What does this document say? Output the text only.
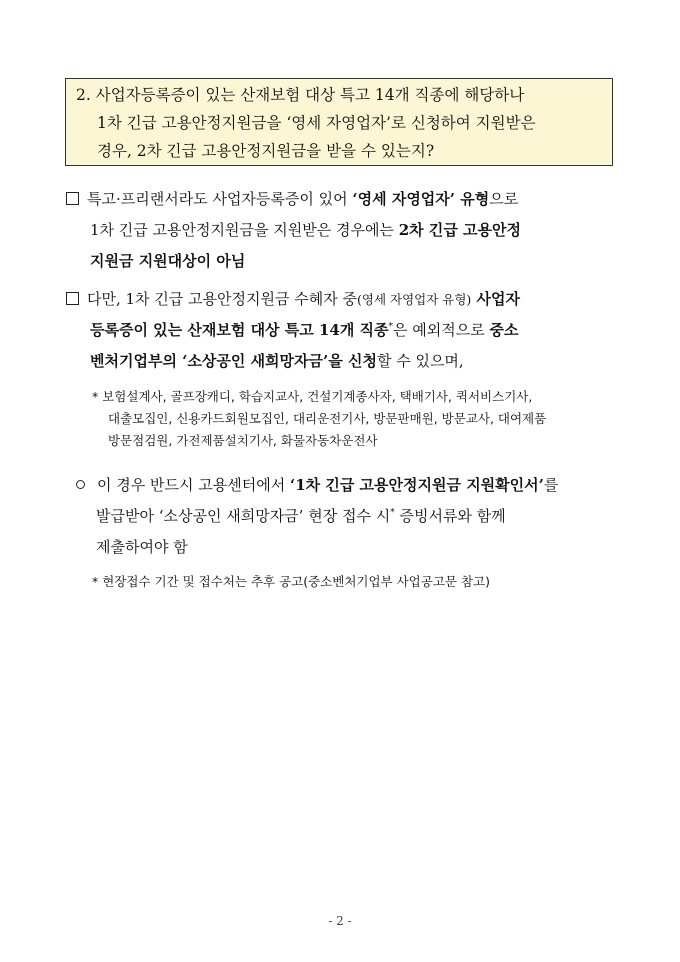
2. 사업자등록증이 있는 산재보험 대상 특고 14개 직종에 해당하나
1차 긴급 고용안정지원금을 ‘영세 자영업자’로 신청하여 지원받은
경우, 2차 긴급 고용안정지원금을 받을 수 있는지?
특고·프리랜서라도 사업자등록증이 있어 ‘영세 자영업자’ 유형으로
1차 긴급 고용안정지원금을 지원받은 경우에는 2차 긴급 고용안정
지원금 지원대상이 아님
다만, 1차 긴급 고용안정지원금 수혜자 중(영세 자영업자 유형) 사업자
등록증이 있는 산재보험 대상 특고 14개 직종*은 예외적으로 중소
벤처기업부의 ‘소상공인 새희망자금’을 신청할 수 있으며,
* 보험설계사, 골프장캐디, 학습지교사, 건설기계종사자, 택배기사, 퀵서비스기사,
대출모집인, 신용카드회원모집인, 대리운전기사, 방문판매원, 방문교사, 대여제품
방문점검원, 가전제품설치기사, 화물자동차운전사
이 경우 반드시 고용센터에서 ‘1차 긴급 고용안정지원금 지원확인서’를
발급받아 ‘소상공인 새희망자금’ 현장 접수 시* 증빙서류와 함께
제출하여야 함
* 현장접수 기간 및 접수처는 추후 공고(중소벤처기업부 사업공고문 참고)
- 2 -
